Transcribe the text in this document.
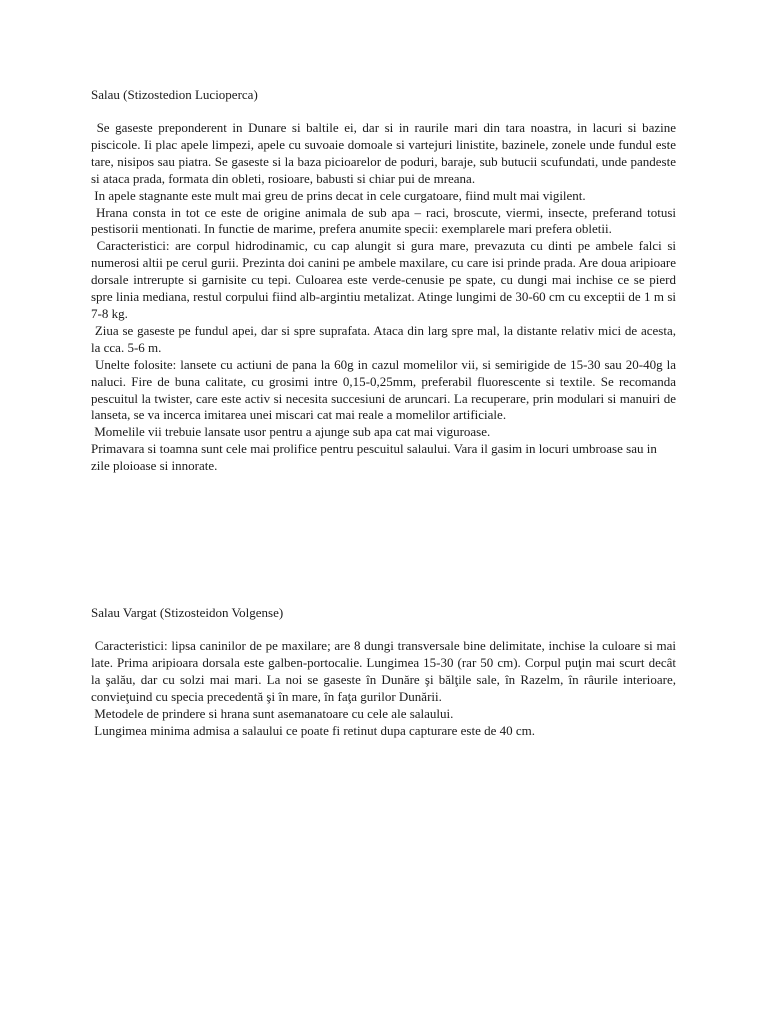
Salau (Stizostedion Lucioperca)

Se gaseste preponderent in Dunare si baltile ei, dar si in raurile mari din tara noastra, in lacuri si bazine piscicole. Ii plac apele limpezi, apele cu suvoaie domoale si vartejuri linistite, bazinele, zonele unde fundul este tare, nisipos sau piatra. Se gaseste si la baza picioarelor de poduri, baraje, sub butucii scufundati, unde pandeste si ataca prada, formata din obleti, rosioare, babusti si chiar pui de mreana.

In apele stagnante este mult mai greu de prins decat in cele curgatoare, fiind mult mai vigilent.

Hrana consta in tot ce este de origine animala de sub apa – raci, broscute, viermi, insecte, preferand totusi pestisorii mentionati. In functie de marime, prefera anumite specii: exemplarele mari prefera obletii.

Caracteristici: are corpul hidrodinamic, cu cap alungit si gura mare, prevazuta cu dinti pe ambele falci si numerosi altii pe cerul gurii. Prezinta doi canini pe ambele maxilare, cu care isi prinde prada. Are doua aripioare dorsale intrerupte si garnisite cu tepi. Culoarea este verde-cenusie pe spate, cu dungi mai inchise ce se pierd spre linia mediana, restul corpului fiind alb-argintiu metalizat. Atinge lungimi de 30-60 cm cu exceptii de 1 m si 7-8 kg.

Ziua se gaseste pe fundul apei, dar si spre suprafata. Ataca din larg spre mal, la distante relativ mici de acesta, la cca. 5-6 m.

Unelte folosite: lansete cu actiuni de pana la 60g in cazul momelilor vii, si semirigide de 15-30 sau 20-40g la naluci. Fire de buna calitate, cu grosimi intre 0,15-0,25mm, preferabil fluorescente si textile. Se recomanda pescuitul la twister, care este activ si necesita succesiuni de aruncari. La recuperare, prin modulari si manuiri de lanseta, se va incerca imitarea unei miscari cat mai reale a momelilor artificiale.

Momelile vii trebuie lansate usor pentru a ajunge sub apa cat mai viguroase.

Primavara si toamna sunt cele mai prolifice pentru pescuitul salaului. Vara il gasim in locuri umbroase sau in zile ploioase si innorate.

Salau Vargat (Stizosteidon Volgense)

Caracteristici: lipsa caninilor de pe maxilare; are 8 dungi transversale bine delimitate, inchise la culoare si mai late. Prima aripioara dorsala este galben-portocalie. Lungimea 15-30 (rar 50 cm). Corpul puţin mai scurt decât la şalău, dar cu solzi mai mari. La noi se gaseste în Dunăre şi bălţile sale, în Razelm, în râurile interioare, convieţuind cu specia precedentă şi în mare, în faţa gurilor Dunării.

Metodele de prindere si hrana sunt asemanatoare cu cele ale salaului.

Lungimea minima admisa a salaului ce poate fi retinut dupa capturare este de 40 cm.
